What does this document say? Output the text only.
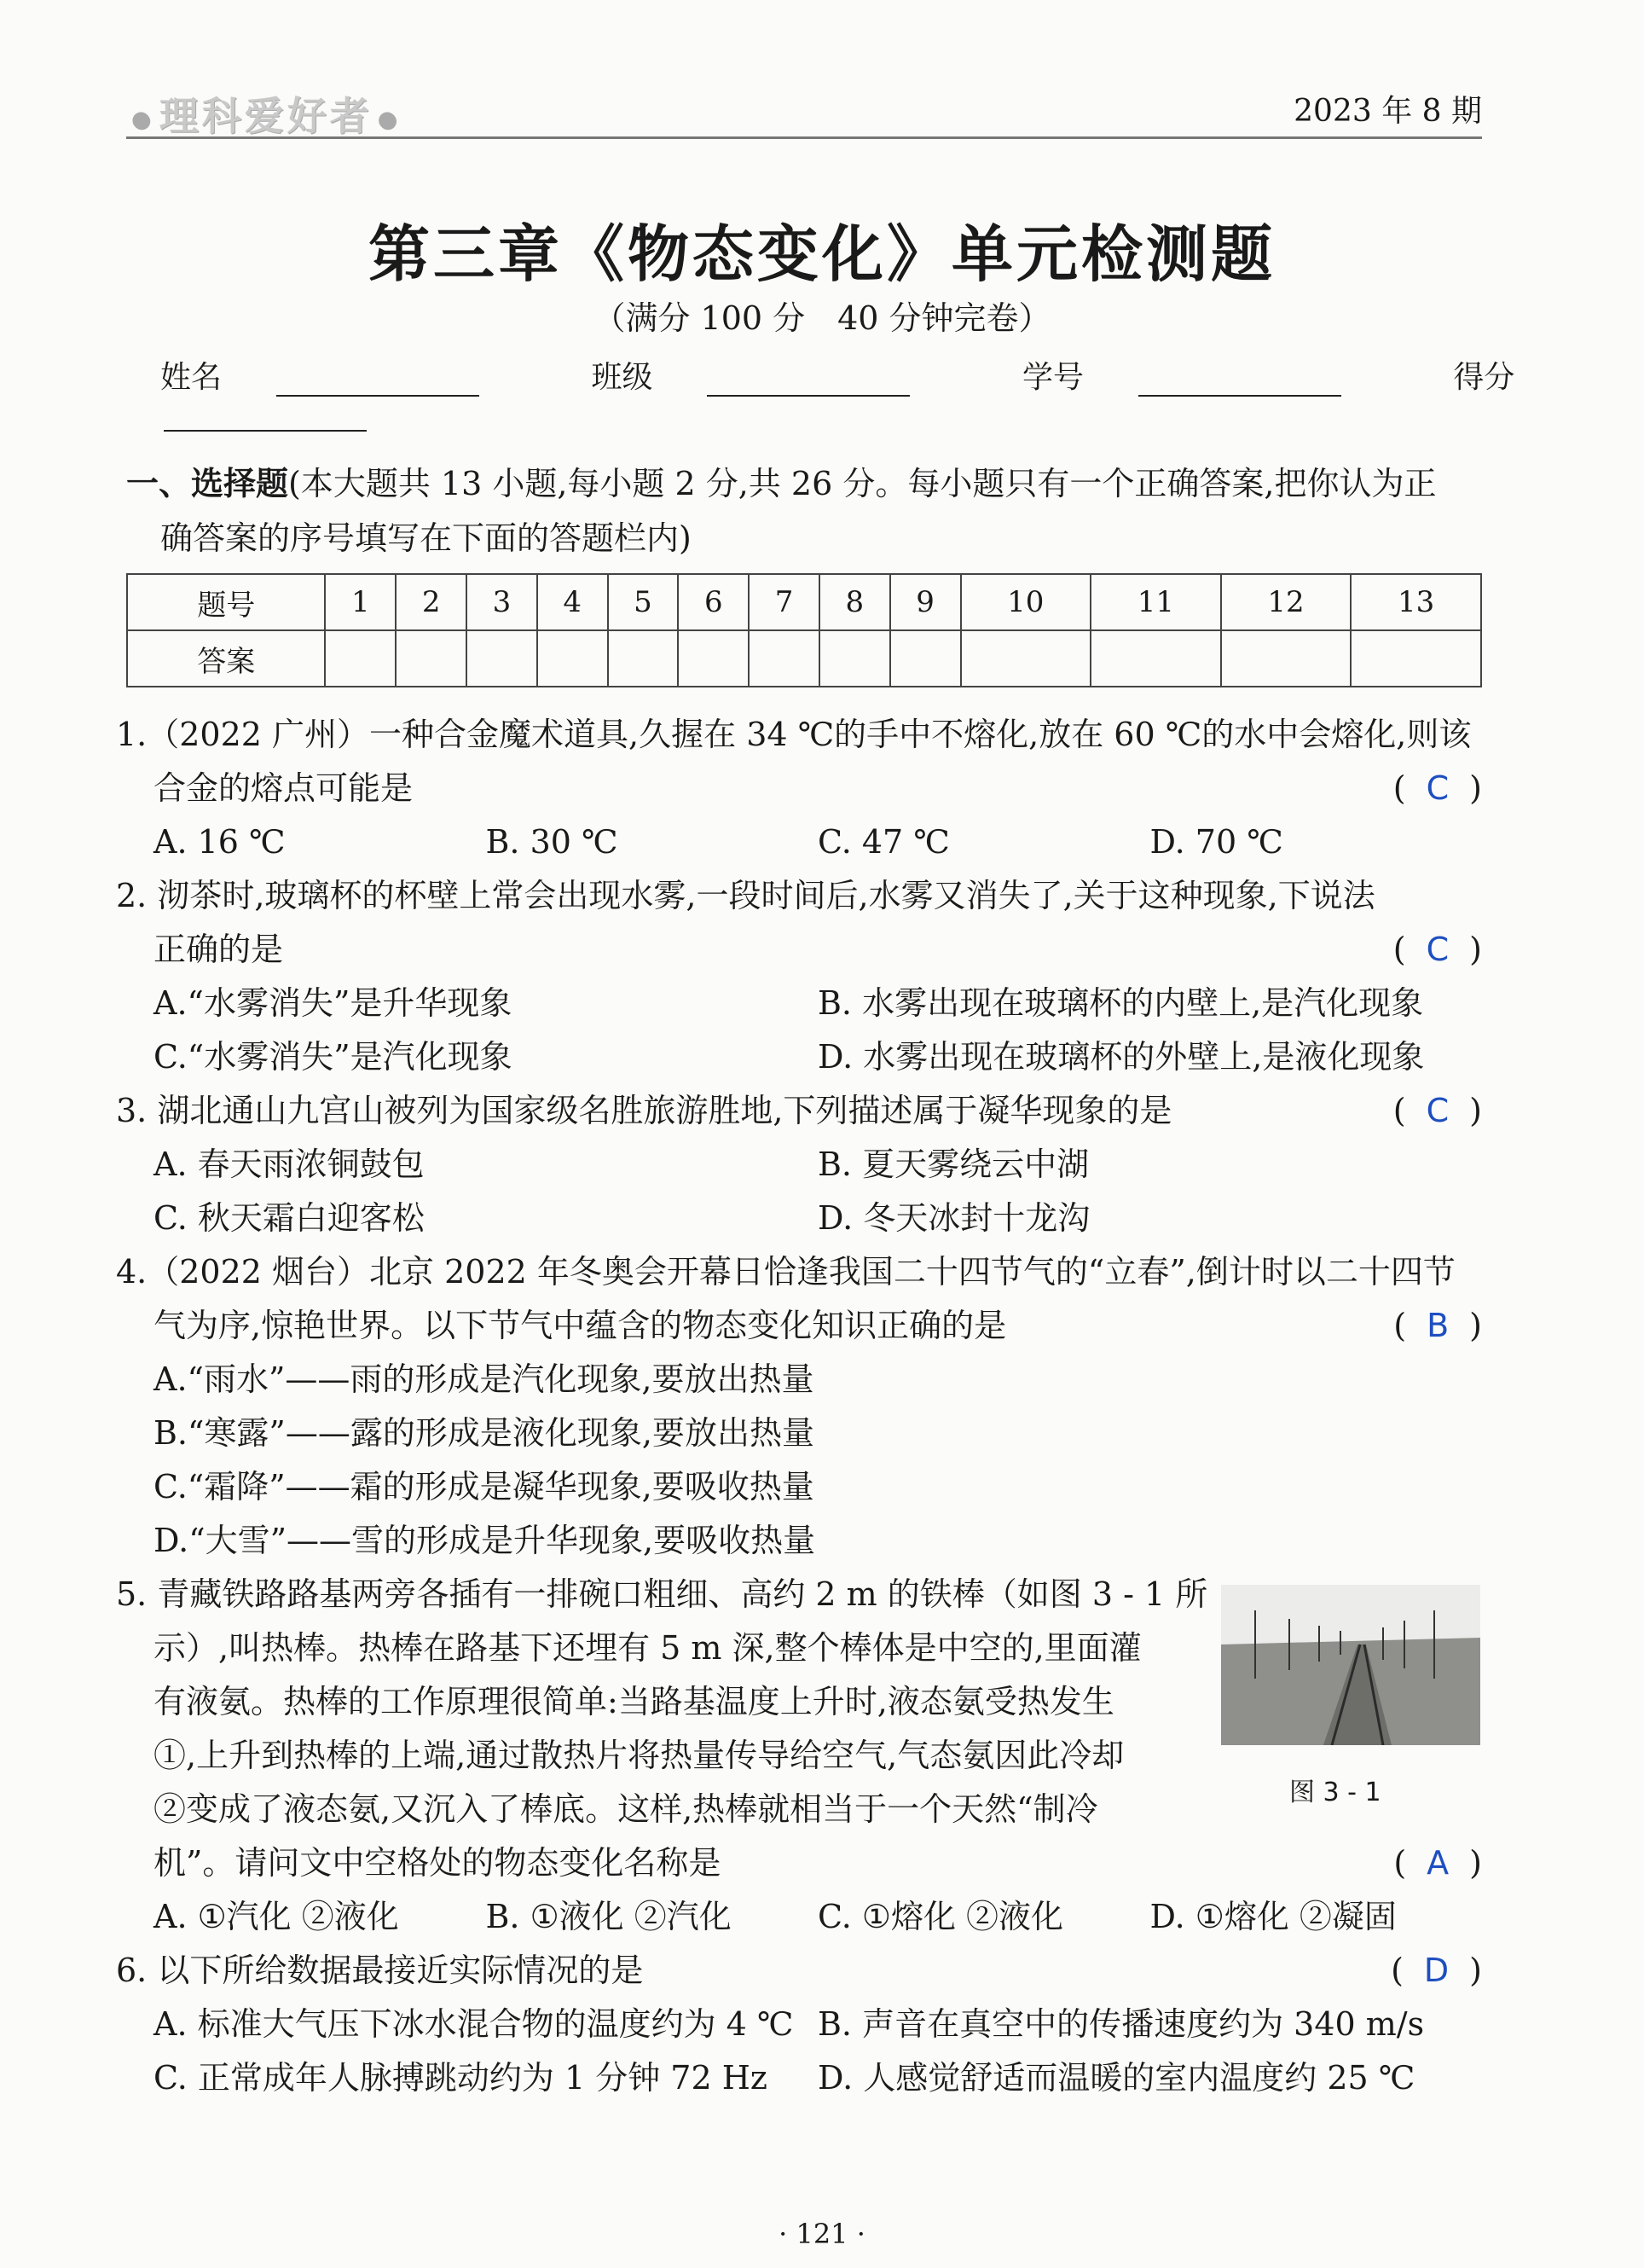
● 理科爱好者 ●	2023 年 8 期
第三章《物态变化》单元检测题
（满分 100 分　40 分钟完卷）
姓名	班级	学号	得分
一、选择题(本大题共 13 小题,每小题 2 分,共 26 分。每小题只有一个正确答案,把你认为正
确答案的序号填写在下面的答题栏内)
题号	1	2	3	4	5	6	7	8	9	10	11	12	13
答案													
1.（2022 广州）一种合金魔术道具,久握在 34 ℃的手中不熔化,放在 60 ℃的水中会熔化,则该
合金的熔点可能是	( C )
A. 16 ℃	B. 30 ℃	C. 47 ℃	D. 70 ℃
2. 沏茶时,玻璃杯的杯壁上常会出现水雾,一段时间后,水雾又消失了,关于这种现象,下说法
正确的是	( C )
A.“水雾消失”是升华现象	B. 水雾出现在玻璃杯的内壁上,是汽化现象
C.“水雾消失”是汽化现象	D. 水雾出现在玻璃杯的外壁上,是液化现象
3. 湖北通山九宫山被列为国家级名胜旅游胜地,下列描述属于凝华现象的是	( C )
A. 春天雨浓铜鼓包	B. 夏天雾绕云中湖
C. 秋天霜白迎客松	D. 冬天冰封十龙沟
4.（2022 烟台）北京 2022 年冬奥会开幕日恰逢我国二十四节气的“立春”,倒计时以二十四节
气为序,惊艳世界。以下节气中蕴含的物态变化知识正确的是	( B )
A.“雨水”——雨的形成是汽化现象,要放出热量
B.“寒露”——露的形成是液化现象,要放出热量
C.“霜降”——霜的形成是凝华现象,要吸收热量
D.“大雪”——雪的形成是升华现象,要吸收热量
5. 青藏铁路路基两旁各插有一排碗口粗细、高约 2 m 的铁棒（如图 3 - 1 所
示）,叫热棒。热棒在路基下还埋有 5 m 深,整个棒体是中空的,里面灌
有液氨。热棒的工作原理很简单:当路基温度上升时,液态氨受热发生
①,上升到热棒的上端,通过散热片将热量传导给空气,气态氨因此冷却
②变成了液态氨,又沉入了棒底。这样,热棒就相当于一个天然“制冷
机”。请问文中空格处的物态变化名称是	( A )
A. ①汽化 ②液化	B. ①液化 ②汽化	C. ①熔化 ②液化	D. ①熔化 ②凝固
6. 以下所给数据最接近实际情况的是	( D )
A. 标准大气压下冰水混合物的温度约为 4 ℃ B. 声音在真空中的传播速度约为 340 m/s
C. 正常成年人脉搏跳动约为 1 分钟 72 Hz	D. 人感觉舒适而温暖的室内温度约 25 ℃
图 3 - 1
· 121 ·
